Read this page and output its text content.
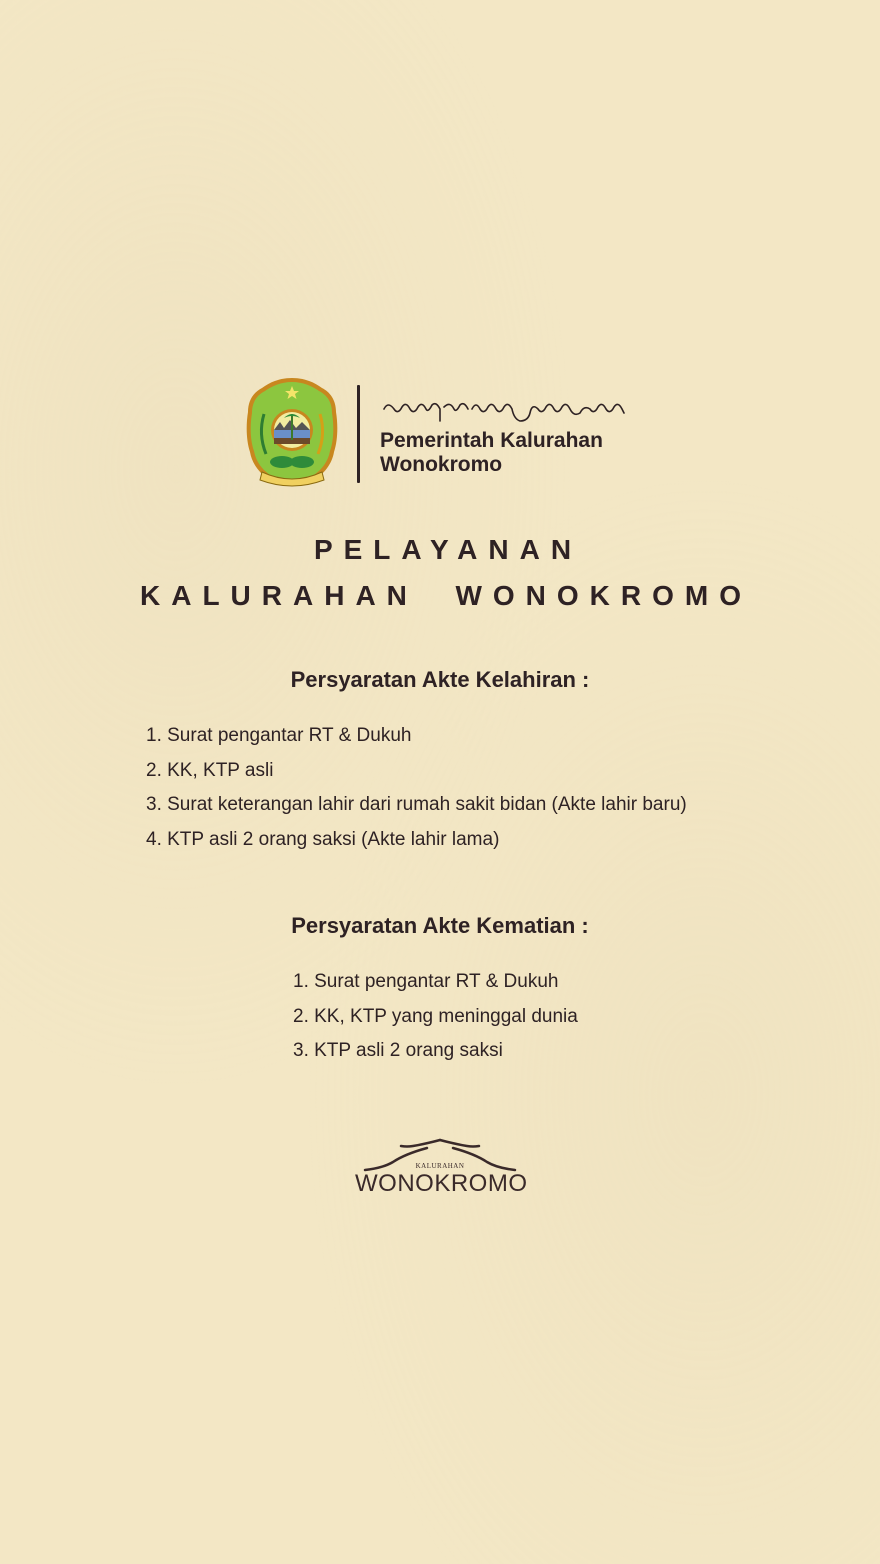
Pemerintah Kalurahan
Wonokromo
PELAYANAN
KALURAHAN  WONOKROMO
Persyaratan Akte Kelahiran :
1. Surat pengantar RT & Dukuh
2. KK, KTP asli
3. Surat keterangan lahir dari rumah sakit bidan (Akte lahir baru)
4. KTP asli 2 orang saksi (Akte lahir lama)
Persyaratan Akte Kematian :
1. Surat pengantar RT & Dukuh
2. KK, KTP yang meninggal dunia
3. KTP asli 2 orang saksi
KALURAHAN
WONOKROMO
